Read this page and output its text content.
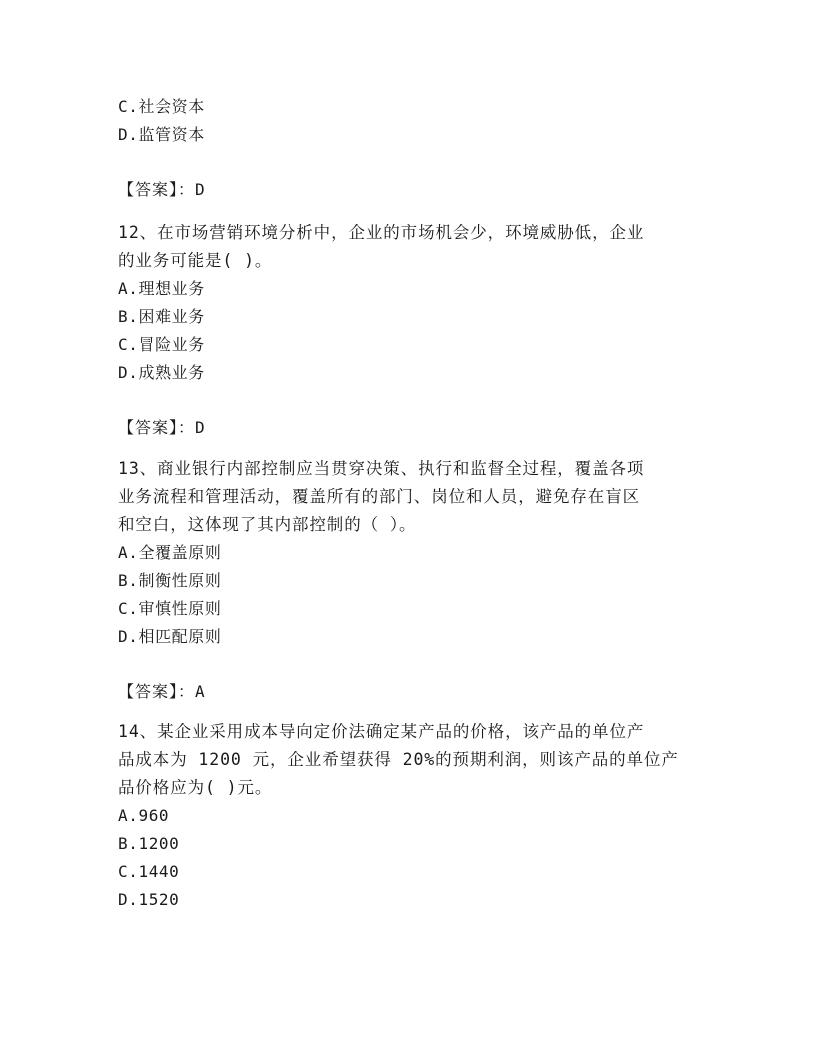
C.社会资本
D.监管资本
【答案】：D
12、在市场营销环境分析中，企业的市场机会少，环境威胁低，企业
的业务可能是( )。
A.理想业务
B.困难业务
C.冒险业务
D.成熟业务
【答案】：D
13、商业银行内部控制应当贯穿决策、执行和监督全过程，覆盖各项
业务流程和管理活动，覆盖所有的部门、岗位和人员，避免存在盲区
和空白，这体现了其内部控制的（ ）。
A.全覆盖原则
B.制衡性原则
C.审慎性原则
D.相匹配原则
【答案】：A
14、某企业采用成本导向定价法确定某产品的价格，该产品的单位产
品成本为 1200 元，企业希望获得 20%的预期利润，则该产品的单位产
品价格应为( )元。
A.960
B.1200
C.1440
D.1520
